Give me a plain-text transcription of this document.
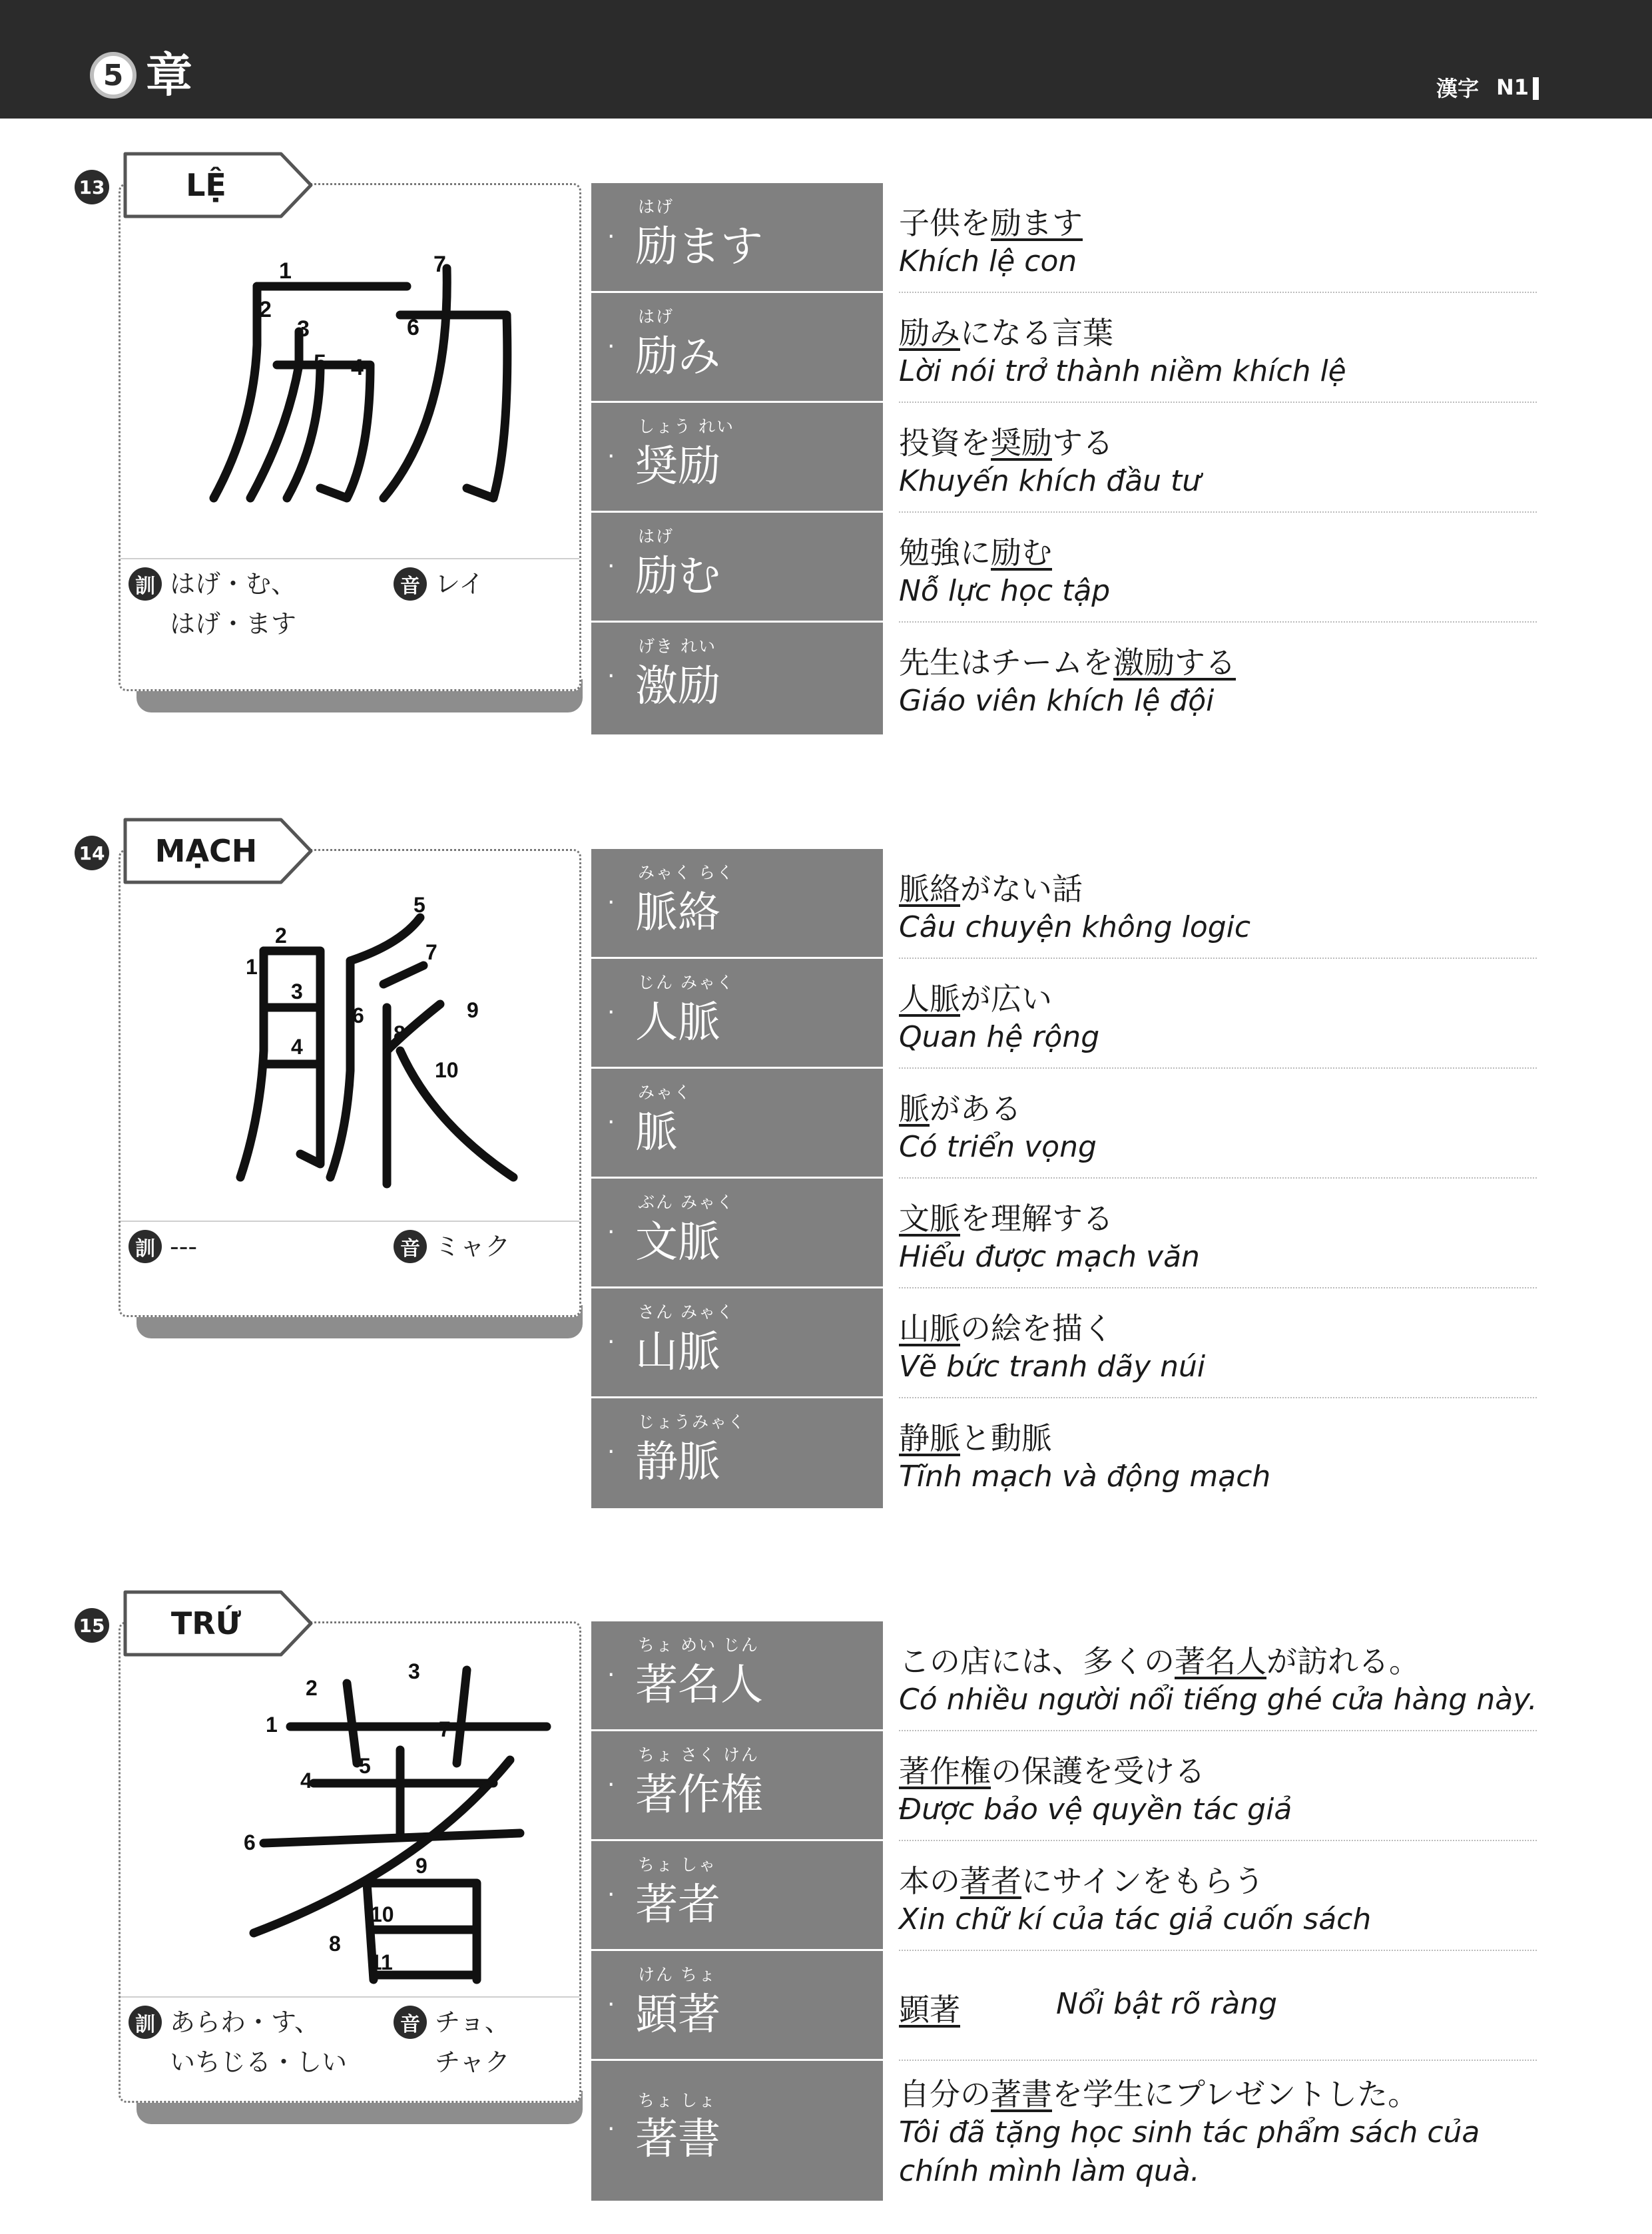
5 章	漢字 N1
13
1
2
3
4
5
6
7
訓 はげ・む、
はげ・ます
音 レイ
LỆ
·
はげ
励ます	子供を励ます
Khích lệ con
·
はげ
励み	励みになる言葉
Lời nói trở thành niềm khích lệ
·
しょう れい
奨励	投資を奨励する
Khuyến khích đầu tư
·
はげ
励む	勉強に励む
Nỗ lực học tập
·
げき れい
激励	先生はチームを激励する
Giáo viên khích lệ đội
14
1
2
3
4
5
6
7
8
9
10
訓 ---	音 ミャク
MẠCH
·
みゃく らく
脈絡	脈絡がない話
Câu chuyện không logic
·
じん みゃく
人脈	人脈が広い
Quan hệ rộng
·
みゃく
脈	脈がある
Có triển vọng
·
ぶん みゃく
文脈	文脈を理解する
Hiểu được mạch văn
·
さん みゃく
山脈	山脈の絵を描く
Vẽ bức tranh dãy núi
·
じょうみゃく
静脈	静脈と動脈
Tĩnh mạch và động mạch
15
1
2
3
4
5
6
7
8
9
10
11
訓 あらわ・す、
いちじる・しい
音 チョ、
チャク
TRỨ
·
ちょ めい じん
著名人	この店には、多くの著名人が訪れる。
Có nhiều người nổi tiếng ghé cửa hàng này.
·
ちょ さく けん
著作権	著作権の保護を受ける
Được bảo vệ quyền tác giả
·
ちょ しゃ
著者	本の著者にサインをもらう
Xin chữ kí của tác giả cuốn sách
·
けん ちょ
顕著	顕著	Nổi bật rõ ràng
·
ちょ しょ
著書
自分の著書を学生にプレゼントした。
Tôi đã tặng học sinh tác phẩm sách của
chính mình làm quà.
